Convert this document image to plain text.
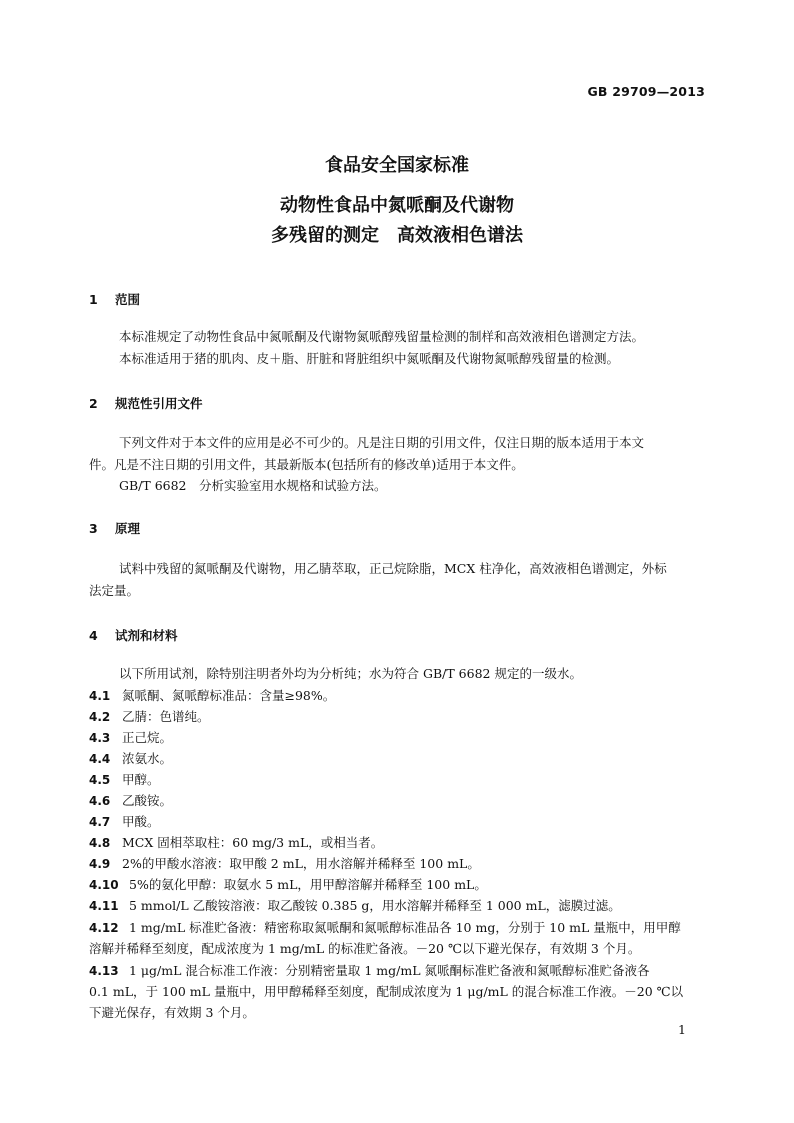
GB 29709—2013
食品安全国家标准
动物性食品中氮哌酮及代谢物
多残留的测定　高效液相色谱法
1 范围
本标准规定了动物性食品中氮哌酮及代谢物氮哌醇残留量检测的制样和高效液相色谱测定方法。
本标准适用于猪的肌肉、皮＋脂、肝脏和肾脏组织中氮哌酮及代谢物氮哌醇残留量的检测。
2 规范性引用文件
下列文件对于本文件的应用是必不可少的。凡是注日期的引用文件，仅注日期的版本适用于本文
件。凡是不注日期的引用文件，其最新版本(包括所有的修改单)适用于本文件。
GB/T 6682　分析实验室用水规格和试验方法。
3 原理
试料中残留的氮哌酮及代谢物，用乙腈萃取，正己烷除脂，MCX 柱净化，高效液相色谱测定，外标
法定量。
4 试剂和材料
以下所用试剂，除特别注明者外均为分析纯；水为符合 GB/T 6682 规定的一级水。
4.1 氮哌酮、氮哌醇标准品：含量≥98%。
4.2 乙腈：色谱纯。
4.3 正己烷。
4.4 浓氨水。
4.5 甲醇。
4.6 乙酸铵。
4.7 甲酸。
4.8 MCX 固相萃取柱：60 mg/3 mL，或相当者。
4.9 2%的甲酸水溶液：取甲酸 2 mL，用水溶解并稀释至 100 mL。
4.10 5%的氨化甲醇：取氨水 5 mL，用甲醇溶解并稀释至 100 mL。
4.11 5 mmol/L 乙酸铵溶液：取乙酸铵 0.385 g，用水溶解并稀释至 1 000 mL，滤膜过滤。
4.12 1 mg/mL 标准贮备液：精密称取氮哌酮和氮哌醇标准品各 10 mg，分别于 10 mL 量瓶中，用甲醇
溶解并稀释至刻度，配成浓度为 1 mg/mL 的标准贮备液。－20 ℃以下避光保存，有效期 3 个月。
4.13 1 μg/mL 混合标准工作液：分别精密量取 1 mg/mL 氮哌酮标准贮备液和氮哌醇标准贮备液各
0.1 mL，于 100 mL 量瓶中，用甲醇稀释至刻度，配制成浓度为 1 μg/mL 的混合标准工作液。－20 ℃以
下避光保存，有效期 3 个月。
1
